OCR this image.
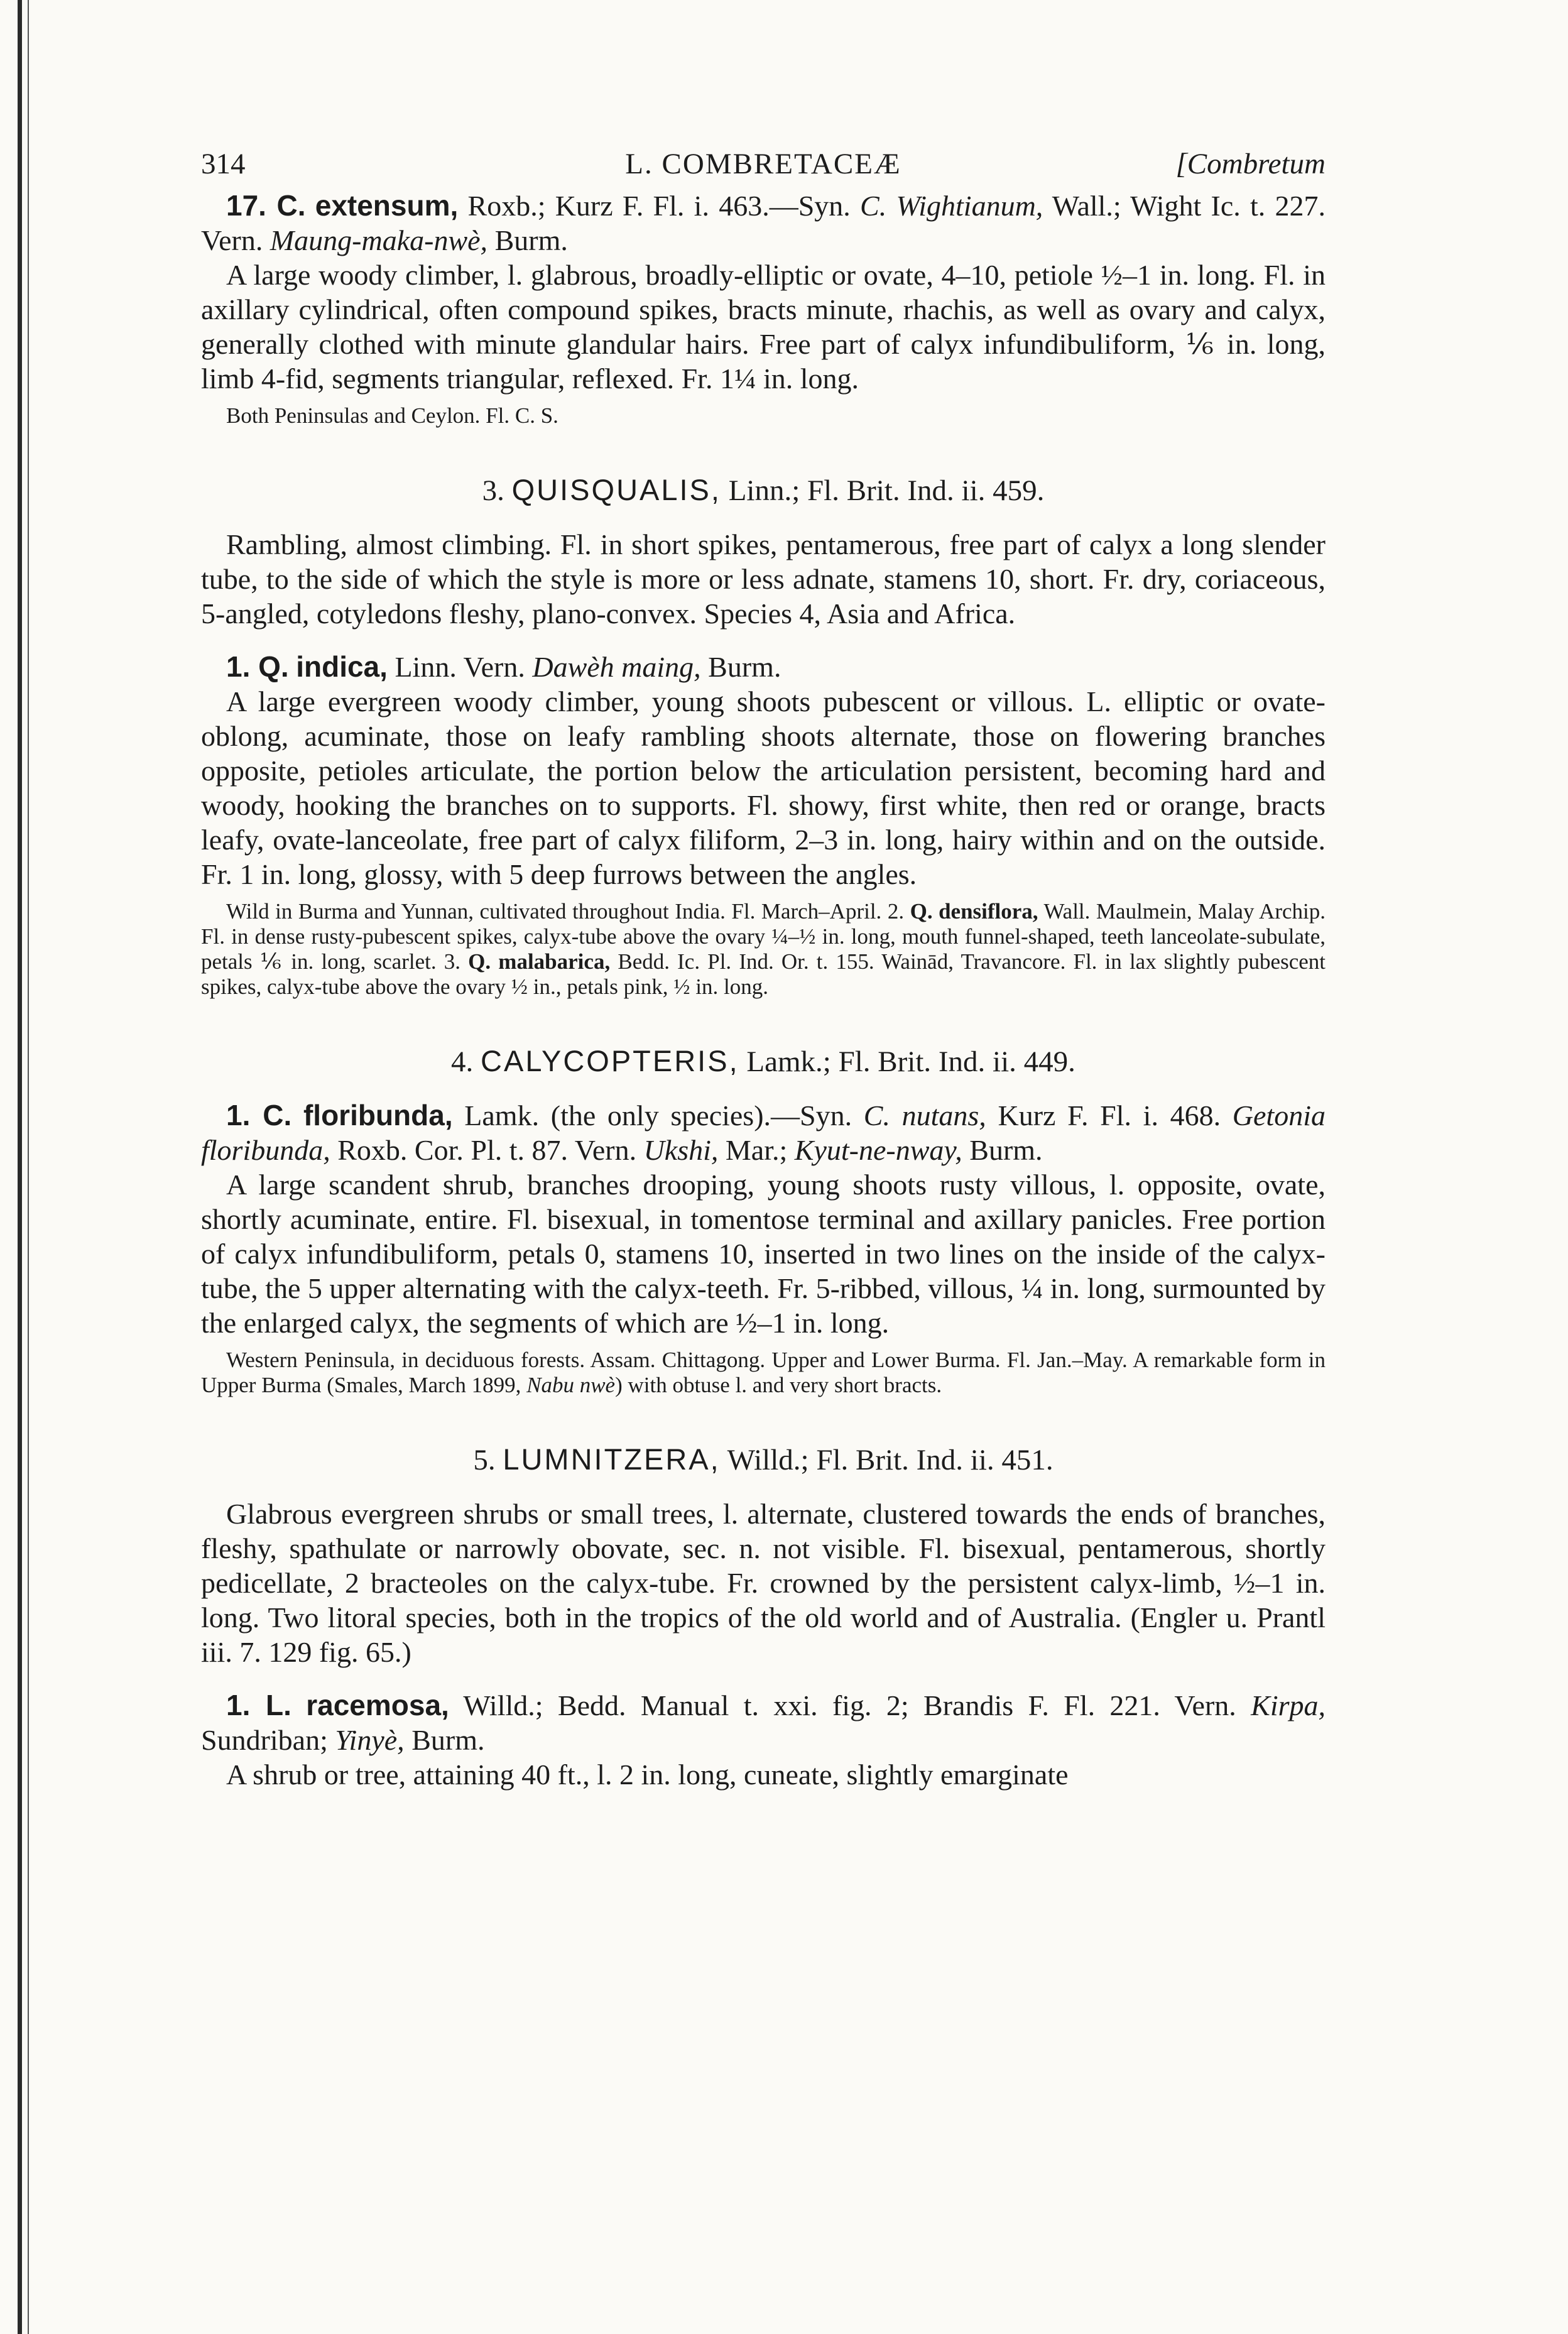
314	L. COMBRETACEÆ	[Combretum

17. C. extensum, Roxb.; Kurz F. Fl. i. 463.—Syn. C. Wightianum, Wall.; Wight Ic. t. 227. Vern. Maung-maka-nwè, Burm.

A large woody climber, l. glabrous, broadly-elliptic or ovate, 4–10, petiole ½–1 in. long. Fl. in axillary cylindrical, often compound spikes, bracts minute, rhachis, as well as ovary and calyx, generally clothed with minute glandular hairs. Free part of calyx infundibuliform, ⅙ in. long, limb 4-fid, segments triangular, reflexed. Fr. 1¼ in. long.

Both Peninsulas and Ceylon. Fl. C. S.

3. QUISQUALIS, Linn.; Fl. Brit. Ind. ii. 459.

Rambling, almost climbing. Fl. in short spikes, pentamerous, free part of calyx a long slender tube, to the side of which the style is more or less adnate, stamens 10, short. Fr. dry, coriaceous, 5-angled, cotyledons fleshy, plano-convex. Species 4, Asia and Africa.

1. Q. indica, Linn. Vern. Dawèh maing, Burm.

A large evergreen woody climber, young shoots pubescent or villous. L. elliptic or ovate-oblong, acuminate, those on leafy rambling shoots alternate, those on flowering branches opposite, petioles articulate, the portion below the articulation persistent, becoming hard and woody, hooking the branches on to supports. Fl. showy, first white, then red or orange, bracts leafy, ovate-lanceolate, free part of calyx filiform, 2–3 in. long, hairy within and on the outside. Fr. 1 in. long, glossy, with 5 deep furrows between the angles.

Wild in Burma and Yunnan, cultivated throughout India. Fl. March–April. 2. Q. densiflora, Wall. Maulmein, Malay Archip. Fl. in dense rusty-pubescent spikes, calyx-tube above the ovary ¼–½ in. long, mouth funnel-shaped, teeth lanceolate-subulate, petals ⅙ in. long, scarlet. 3. Q. malabarica, Bedd. Ic. Pl. Ind. Or. t. 155. Wainād, Travancore. Fl. in lax slightly pubescent spikes, calyx-tube above the ovary ½ in., petals pink, ½ in. long.

4. CALYCOPTERIS, Lamk.; Fl. Brit. Ind. ii. 449.

1. C. floribunda, Lamk. (the only species).—Syn. C. nutans, Kurz F. Fl. i. 468. Getonia floribunda, Roxb. Cor. Pl. t. 87. Vern. Ukshi, Mar.; Kyut-ne-nway, Burm.

A large scandent shrub, branches drooping, young shoots rusty villous, l. opposite, ovate, shortly acuminate, entire. Fl. bisexual, in tomentose terminal and axillary panicles. Free portion of calyx infundibuliform, petals 0, stamens 10, inserted in two lines on the inside of the calyx-tube, the 5 upper alternating with the calyx-teeth. Fr. 5-ribbed, villous, ¼ in. long, surmounted by the enlarged calyx, the segments of which are ½–1 in. long.

Western Peninsula, in deciduous forests. Assam. Chittagong. Upper and Lower Burma. Fl. Jan.–May. A remarkable form in Upper Burma (Smales, March 1899, Nabu nwè) with obtuse l. and very short bracts.

5. LUMNITZERA, Willd.; Fl. Brit. Ind. ii. 451.

Glabrous evergreen shrubs or small trees, l. alternate, clustered towards the ends of branches, fleshy, spathulate or narrowly obovate, sec. n. not visible. Fl. bisexual, pentamerous, shortly pedicellate, 2 bracteoles on the calyx-tube. Fr. crowned by the persistent calyx-limb, ½–1 in. long. Two litoral species, both in the tropics of the old world and of Australia. (Engler u. Prantl iii. 7. 129 fig. 65.)

1. L. racemosa, Willd.; Bedd. Manual t. xxi. fig. 2; Brandis F. Fl. 221. Vern. Kirpa, Sundriban; Yinyè, Burm.

A shrub or tree, attaining 40 ft., l. 2 in. long, cuneate, slightly emarginate
